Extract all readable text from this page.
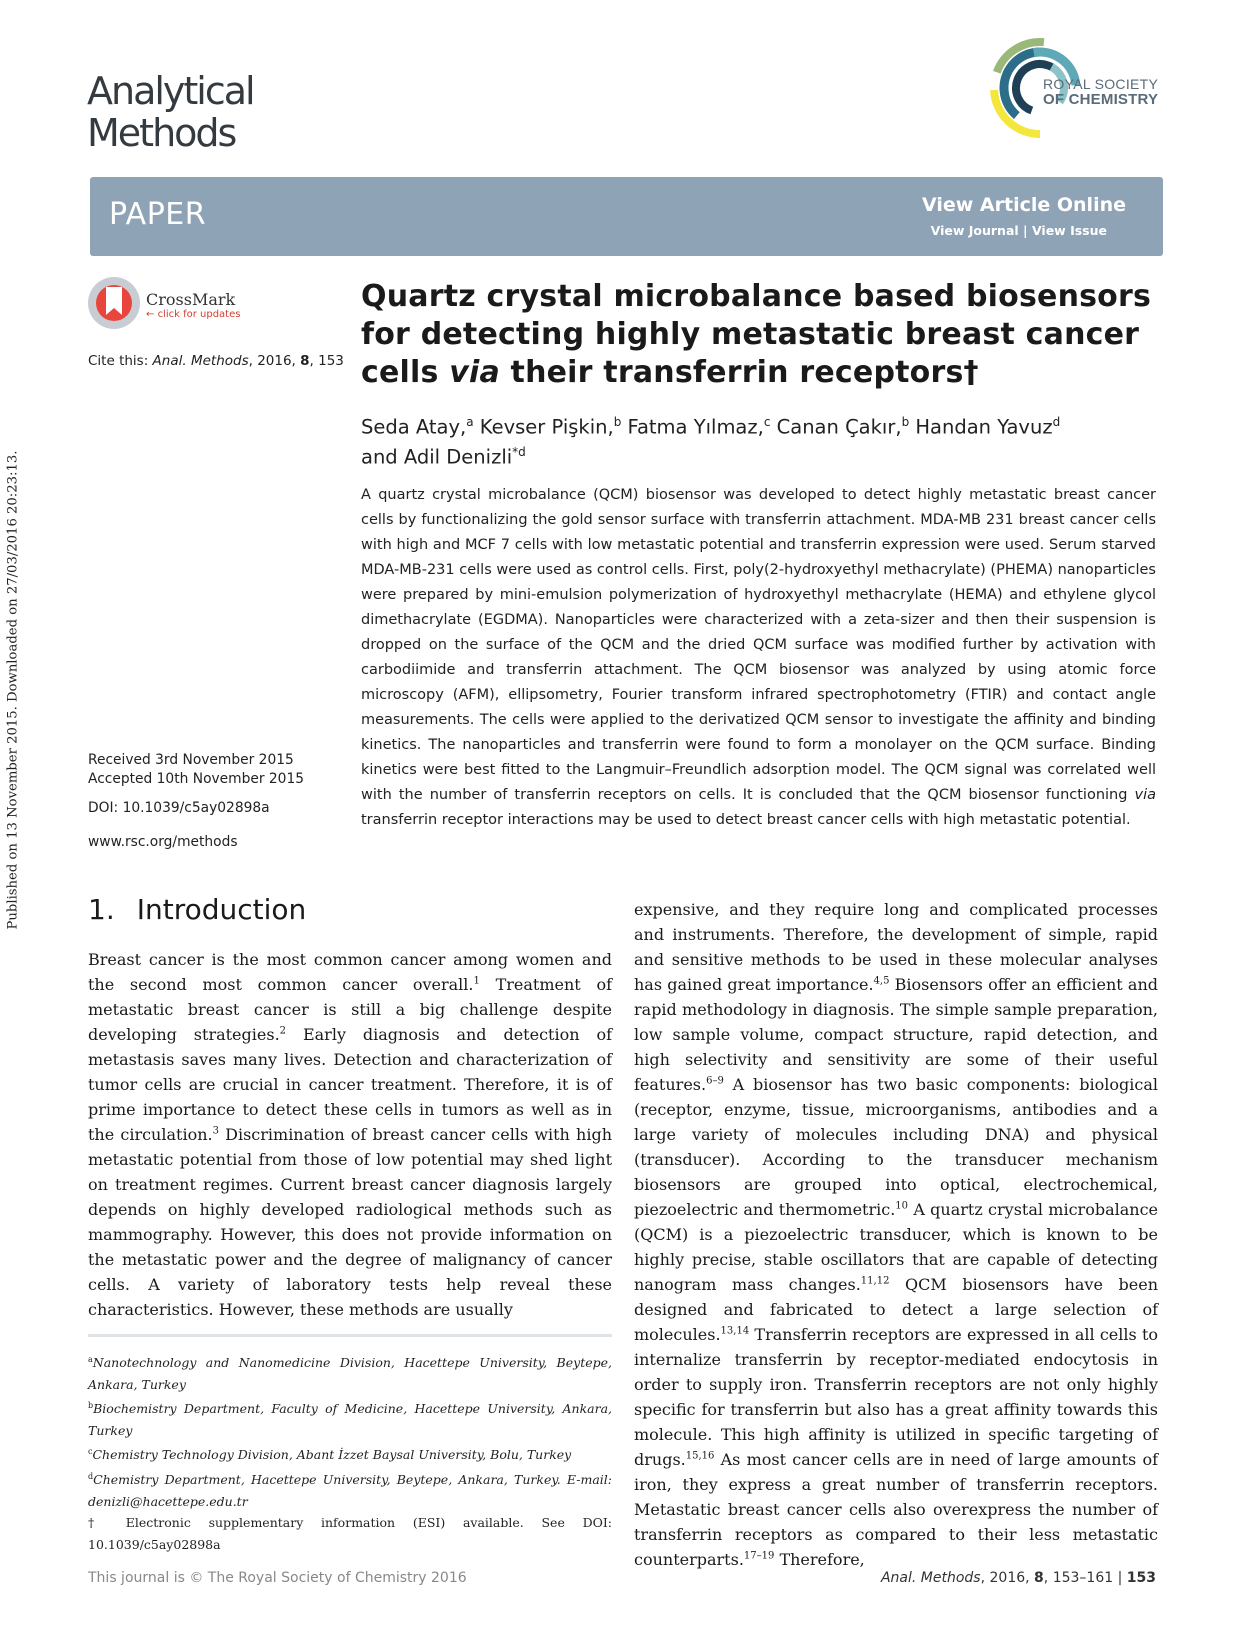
Published on 13 November 2015. Downloaded on 27/03/2016 20:23:13.
Analytical
Methods
ROYAL SOCIETY
OF CHEMISTRY
PAPER	View Article Online
View Journal | View Issue
CrossMark
← click for updates
Cite this: Anal. Methods, 2016, 8, 153
Received 3rd November 2015
Accepted 10th November 2015
DOI: 10.1039/c5ay02898a
www.rsc.org/methods
Quartz crystal microbalance based biosensors for detecting highly metastatic breast cancer cells via their transferrin receptors†
Seda Atay,$^a$ Kevser Pişkin,$^b$ Fatma Yılmaz,$^c$ Canan Çakır,$^b$ Handan Yavuz$^d$
and Adil Denizli$^{*d}$
A quartz crystal microbalance (QCM) biosensor was developed to detect highly metastatic breast cancer cells by functionalizing the gold sensor surface with transferrin attachment. MDA-MB 231 breast cancer cells with high and MCF 7 cells with low metastatic potential and transferrin expression were used. Serum starved MDA-MB-231 cells were used as control cells. First, poly(2-hydroxyethyl methacrylate) (PHEMA) nanoparticles were prepared by mini-emulsion polymerization of hydroxyethyl methacrylate (HEMA) and ethylene glycol dimethacrylate (EGDMA). Nanoparticles were characterized with a zeta-sizer and then their suspension is dropped on the surface of the QCM and the dried QCM surface was modified further by activation with carbodiimide and transferrin attachment. The QCM biosensor was analyzed by using atomic force microscopy (AFM), ellipsometry, Fourier transform infrared spectrophotometry (FTIR) and contact angle measurements. The cells were applied to the derivatized QCM sensor to investigate the affinity and binding kinetics. The nanoparticles and transferrin were found to form a monolayer on the QCM surface. Binding kinetics were best fitted to the Langmuir–Freundlich adsorption model. The QCM signal was correlated well with the number of transferrin receptors on cells. It is concluded that the QCM biosensor functioning via transferrin receptor interactions may be used to detect breast cancer cells with high metastatic potential.
1. Introduction
Breast cancer is the most common cancer among women and the second most common cancer overall.$^1$ Treatment of metastatic breast cancer is still a big challenge despite developing strategies.$^2$ Early diagnosis and detection of metastasis saves many lives. Detection and characterization of tumor cells are crucial in cancer treatment. Therefore, it is of prime importance to detect these cells in tumors as well as in the circulation.$^3$ Discrimination of breast cancer cells with high metastatic potential from those of low potential may shed light on treatment regimes. Current breast cancer diagnosis largely depends on highly developed radiological methods such as mammography. However, this does not provide information on the metastatic power and the degree of malignancy of cancer cells. A variety of laboratory tests help reveal these characteristics. However, these methods are usually
expensive, and they require long and complicated processes and instruments. Therefore, the development of simple, rapid and sensitive methods to be used in these molecular analyses has gained great importance.$^{4,5}$ Biosensors offer an efficient and rapid methodology in diagnosis. The simple sample preparation, low sample volume, compact structure, rapid detection, and high selectivity and sensitivity are some of their useful features.$^{6-9}$ A biosensor has two basic components: biological (receptor, enzyme, tissue, microorganisms, antibodies and a large variety of molecules including DNA) and physical (transducer). According to the transducer mechanism biosensors are grouped into optical, electrochemical, piezoelectric and thermometric.$^{10}$ A quartz crystal microbalance (QCM) is a piezoelectric transducer, which is known to be highly precise, stable oscillators that are capable of detecting nanogram mass changes.$^{11,12}$ QCM biosensors have been designed and fabricated to detect a large selection of molecules.$^{13,14}$ Transferrin receptors are expressed in all cells to internalize transferrin by receptor-mediated endocytosis in order to supply iron. Transferrin receptors are not only highly specific for transferrin but also has a great affinity towards this molecule. This high affinity is utilized in specific targeting of drugs.$^{15,16}$ As most cancer cells are in need of large amounts of iron, they express a great number of transferrin receptors. Metastatic breast cancer cells also overexpress the number of transferrin receptors as compared to their less metastatic counterparts.$^{17-19}$ Therefore,
$^a$Nanotechnology and Nanomedicine Division, Hacettepe University, Beytepe, Ankara, Turkey
$^b$Biochemistry Department, Faculty of Medicine, Hacettepe University, Ankara, Turkey
$^c$Chemistry Technology Division, Abant İzzet Baysal University, Bolu, Turkey
$^d$Chemistry Department, Hacettepe University, Beytepe, Ankara, Turkey. E-mail: denizli@hacettepe.edu.tr
† Electronic supplementary information (ESI) available. See DOI: 10.1039/c5ay02898a
This journal is © The Royal Society of Chemistry 2016	Anal. Methods, 2016, 8, 153–161 | 153
